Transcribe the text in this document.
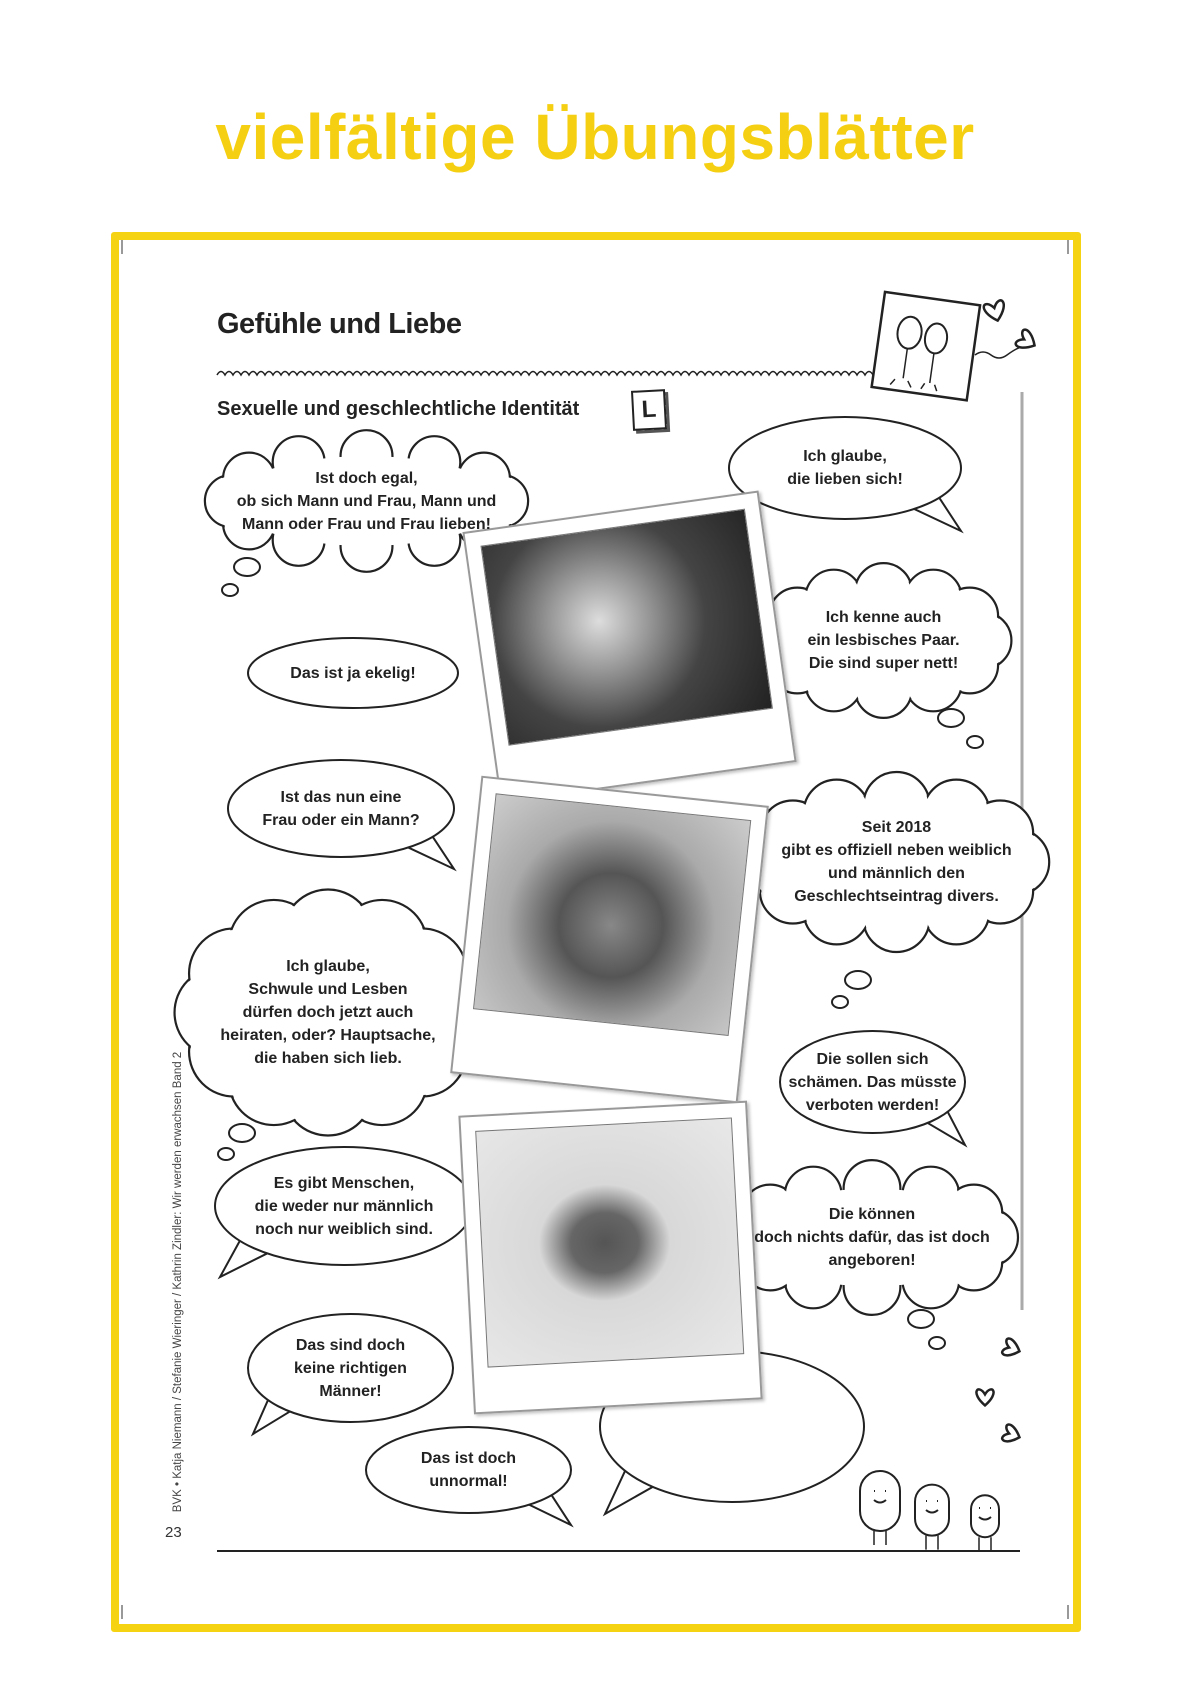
vielfältige Übungsblätter
Gefühle und Liebe
Sexuelle und geschlechtliche Identität	L
Ist doch egal,
ob sich Mann und Frau, Mann und
Mann oder Frau und Frau lieben!
Ich glaube,
die lieben sich!
Das ist ja ekelig!
Ich kenne auch
ein lesbisches Paar.
Die sind super nett!
Ist das nun eine
Frau oder ein Mann?	Seit 2018
gibt es offiziell neben weiblich
und männlich den
Geschlechtseintrag divers.
Ich glaube,
Schwule und Lesben
dürfen doch jetzt auch
heiraten, oder? Hauptsache,
die haben sich lieb.	Die sollen sich
schämen. Das müsste
verboten werden!
Es gibt Menschen,
die weder nur männlich
noch nur weiblich sind.
Die können
doch nichts dafür, das ist doch
angeboren!
Das sind doch
keine richtigen
Männer!
Das ist doch
unnormal!
23
BVK • Katja Niemann / Stefanie Wieringer / Kathrin Zindler: Wir werden erwachsen Band 2
